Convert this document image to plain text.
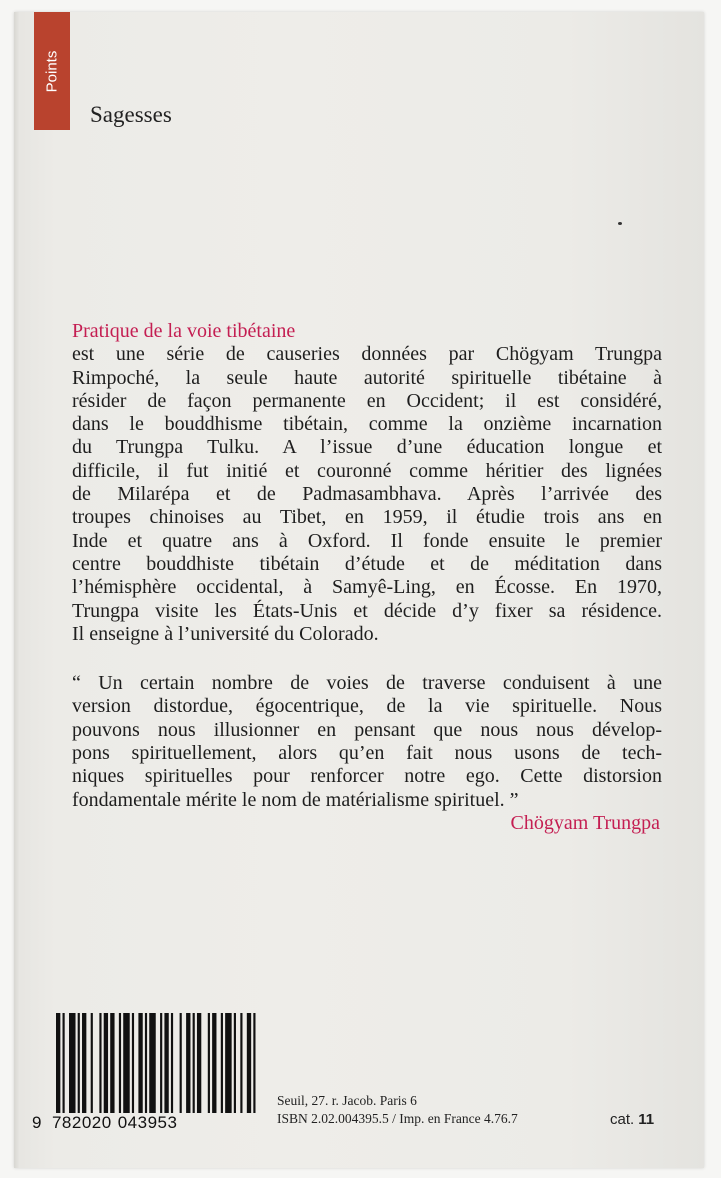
Points
Sagesses
Pratique de la voie tibétaine
est une série de causeries données par Chögyam Trungpa
Rimpoché, la seule haute autorité spirituelle tibétaine à
résider de façon permanente en Occident; il est considéré,
dans le bouddhisme tibétain, comme la onzième incarnation
du Trungpa Tulku. A l’issue d’une éducation longue et
difficile, il fut initié et couronné comme héritier des lignées
de Milarépa et de Padmasambhava. Après l’arrivée des
troupes chinoises au Tibet, en 1959, il étudie trois ans en
Inde et quatre ans à Oxford. Il fonde ensuite le premier
centre bouddhiste tibétain d’étude et de méditation dans
l’hémisphère occidental, à Samyê-Ling, en Écosse. En 1970,
Trungpa visite les États-Unis et décide d’y fixer sa résidence.
Il enseigne à l’université du Colorado.
“ Un certain nombre de voies de traverse conduisent à une
version distordue, égocentrique, de la vie spirituelle. Nous
pouvons nous illusionner en pensant que nous nous dévelop-
pons spirituellement, alors qu’en fait nous usons de tech-
niques spirituelles pour renforcer notre ego. Cette distorsion
fondamentale mérite le nom de matérialisme spirituel. ”
Chögyam Trungpa
9 782020 043953
Seuil, 27. r. Jacob. Paris 6
ISBN 2.02.004395.5 / Imp. en France 4.76.7	cat. 11
